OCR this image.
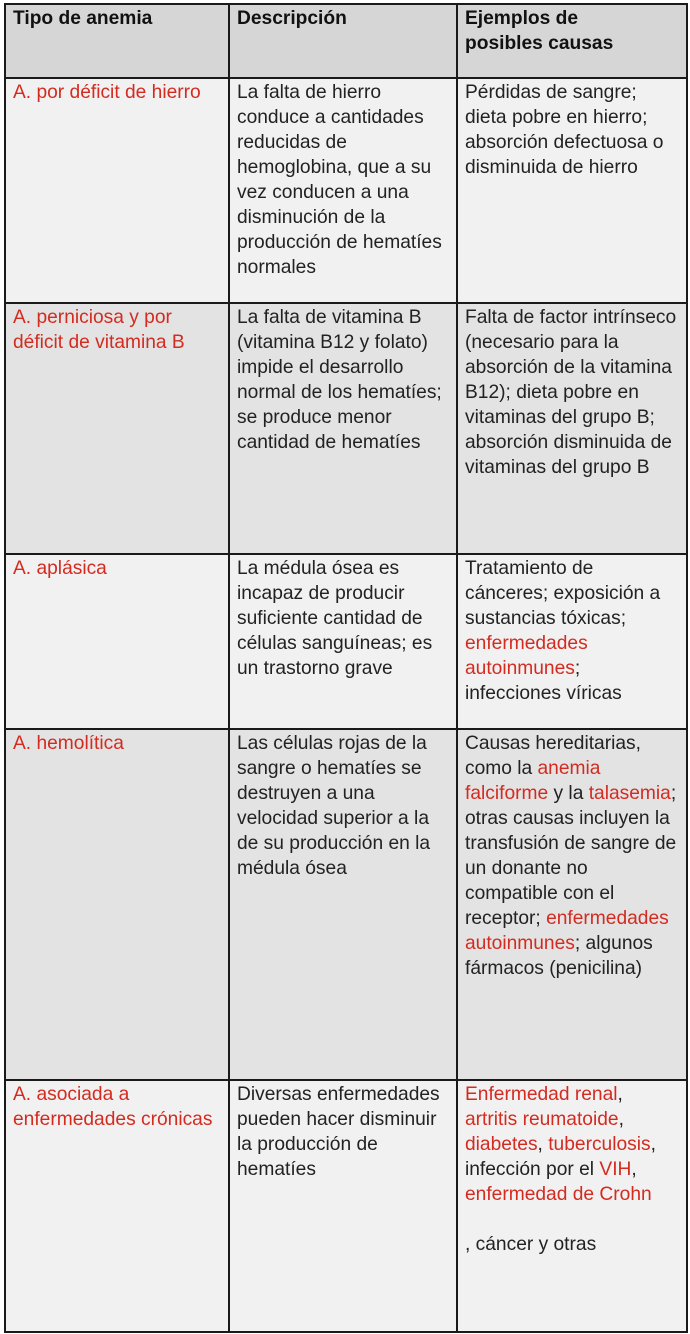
Tipo de anemia	Descripción	Ejemplos de
posibles causas
A. por déficit de hierro	La falta de hierro conduce a cantidades reducidas de hemoglobina, que a su vez conducen a una disminución de la producción de hematíes normales	Pérdidas de sangre; dieta pobre en hierro; absorción defectuosa o disminuida de hierro
A. perniciosa y por déficit de vitamina B	La falta de vitamina B (vitamina B12 y folato) impide el desarrollo normal de los hematíes; se produce menor cantidad de hematíes	Falta de factor intrínseco (necesario para la absorción de la vitamina B12); dieta pobre en vitaminas del grupo B; absorción disminuida de vitaminas del grupo B
A. aplásica	La médula ósea es incapaz de producir suficiente cantidad de células sanguíneas; es un trastorno grave	Tratamiento de cánceres; exposición a sustancias tóxicas; enfermedades autoinmunes; infecciones víricas
A. hemolítica	Las células rojas de la sangre o hematíes se destruyen a una velocidad superior a la de su producción en la médula ósea	Causas hereditarias, como la anemia falciforme y la talasemia; otras causas incluyen la transfusión de sangre de un donante no compatible con el receptor; enfermedades autoinmunes; algunos fármacos (penicilina)
A. asociada a enfermedades crónicas	Diversas enfermedades pueden hacer disminuir la producción de hematíes	Enfermedad renal, artritis reumatoide, diabetes, tuberculosis, infección por el VIH, enfermedad de Crohn
, cáncer y otras
